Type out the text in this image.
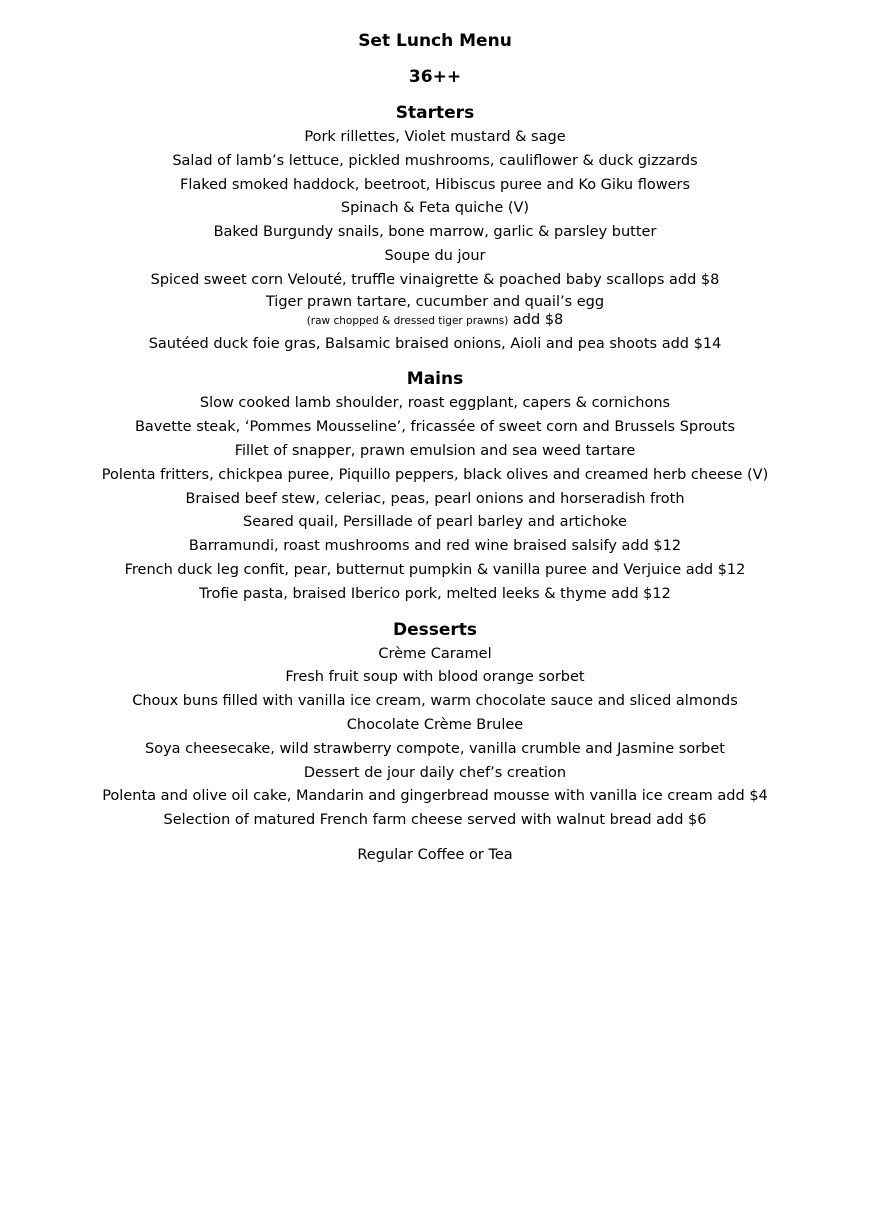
Set Lunch Menu
36++
Starters
Pork rillettes, Violet mustard & sage
Salad of lamb’s lettuce, pickled mushrooms, cauliflower & duck gizzards
Flaked smoked haddock, beetroot, Hibiscus puree and Ko Giku flowers
Spinach & Feta quiche (V)
Baked Burgundy snails, bone marrow, garlic & parsley butter
Soupe du jour
Spiced sweet corn Velouté, truffle vinaigrette & poached baby scallops add $8
Tiger prawn tartare, cucumber and quail’s egg
(raw chopped & dressed tiger prawns) add $8
Sautéed duck foie gras, Balsamic braised onions, Aioli and pea shoots add $14
Mains
Slow cooked lamb shoulder, roast eggplant, capers & cornichons
Bavette steak, ‘Pommes Mousseline’, fricassée of sweet corn and Brussels Sprouts
Fillet of snapper, prawn emulsion and sea weed tartare
Polenta fritters, chickpea puree, Piquillo peppers, black olives and creamed herb cheese (V)
Braised beef stew, celeriac, peas, pearl onions and horseradish froth
Seared quail, Persillade of pearl barley and artichoke
Barramundi, roast mushrooms and red wine braised salsify add $12
French duck leg confit, pear, butternut pumpkin & vanilla puree and Verjuice add $12
Trofie pasta, braised Iberico pork, melted leeks & thyme add $12
Desserts
Crème Caramel
Fresh fruit soup with blood orange sorbet
Choux buns filled with vanilla ice cream, warm chocolate sauce and sliced almonds
Chocolate Crème Brulee
Soya cheesecake, wild strawberry compote, vanilla crumble and Jasmine sorbet
Dessert de jour daily chef’s creation
Polenta and olive oil cake, Mandarin and gingerbread mousse with vanilla ice cream add $4
Selection of matured French farm cheese served with walnut bread add $6
Regular Coffee or Tea
